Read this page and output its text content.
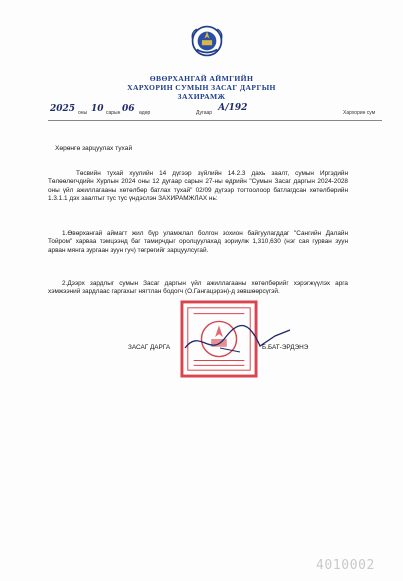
ӨВӨРХАНГАЙ АЙМГИЙН
ХАРХОРИН СУМЫН ЗАСАГ ДАРГЫН
ЗАХИРАМЖ
2025 оны 10 сарын 06 өдөр	Дугаар А/192	Хархорин сум
Хөрөнгө зарцуулах тухай
Төсвийн тухай хуулийн 14 дүгээр зүйлийн 14.2.3 дахь заалт, сумын Иргэдийн Төлөөлөгчдийн Хурлын 2024 оны 12 дугаар сарын 27-ны өдрийн "Сумын Засаг даргын 2024-2028 оны үйл ажиллагааны хөтөлбөр батлах тухай" 02/09 дүгээр тогтоолоор батлагдсан хөтөлбөрийн 1.3.1.1 дэх заалтыг тус тус үндэслэн ЗАХИРАМЖЛАХ нь:
1.Өвөрхангай аймагт жил бүр уламжлал болгон зохион байгуулагддаг "Сангийн Далайн Тойром" харваа тэмцээнд баг тамирчдыг оролцуулахад зориулж 1,310,630 (нэг сая гурван зуун арван мянга зургаан зуун гуч) төгрөгийг зарцуулсугай.
2.Дээрх зардлыг сумын Засаг даргын үйл ажиллагааны хөтөлбөрийг хэрэгжүүлэх арга хэмжээний зардлаас гаргахыг нягтлан бодогч (О.Гангацэрэн)-д зөвшөөрсүгэй.
ЗАСАГ ДАРГА	Б.БАТ-ЭРДЭНЭ
4010002
